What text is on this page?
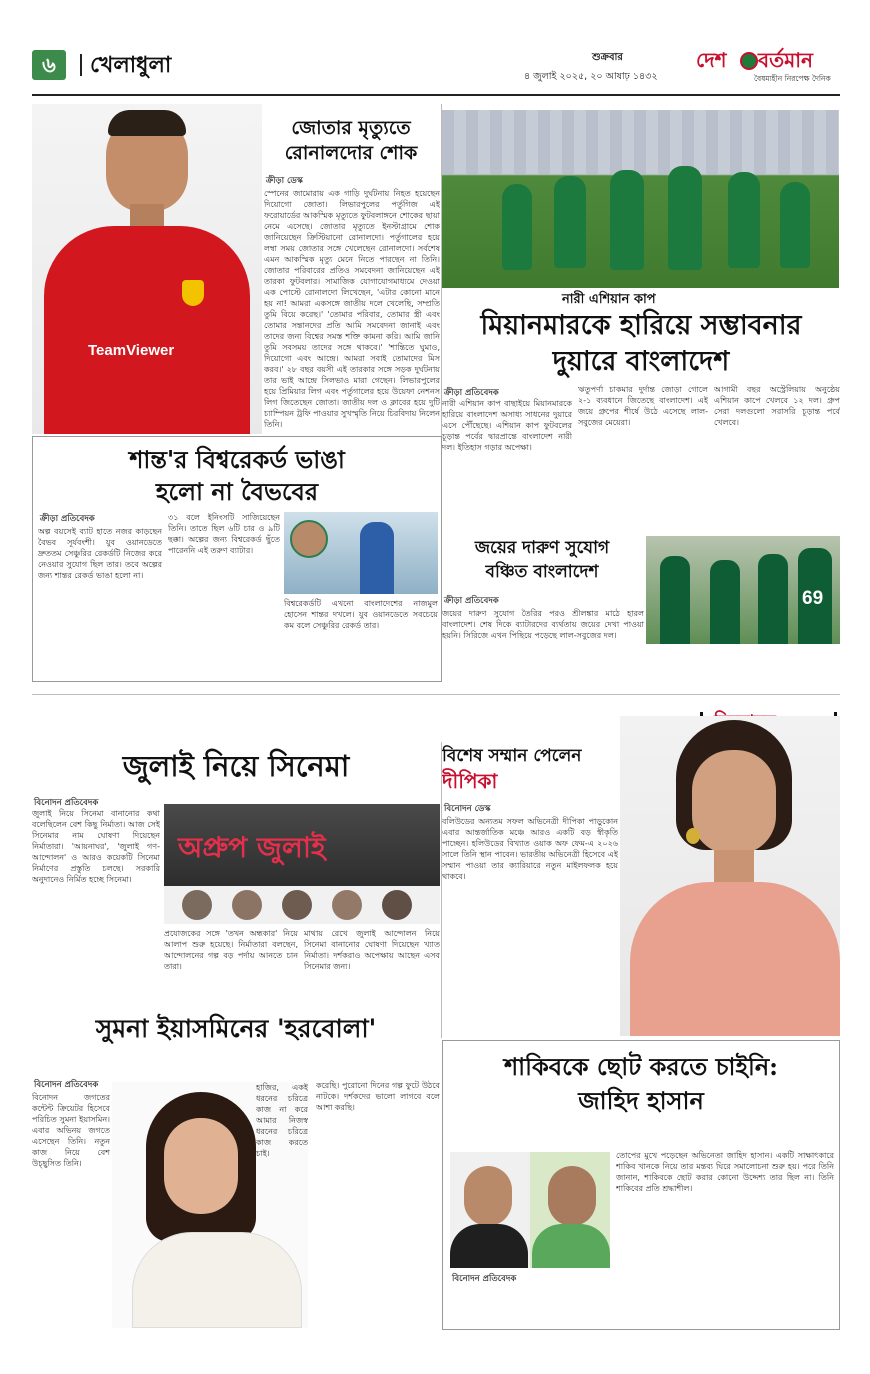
৬	খেলাধুলা	শুক্রবার
৪ জুলাই ২০২৫, ২০ আষাঢ় ১৪৩২
দেশ বর্তমান
বৈষম্যহীন নিরপেক্ষ দৈনিক
TeamViewer
জোতার মৃত্যুতে
রোনালদোর শোক
ক্রীড়া ডেস্ক
স্পেনের জামোরায় এক গাড়ি দুর্ঘটনায় নিহত হয়েছেন দিয়োগো জোতা। লিভারপুলের পর্তুগিজ এই ফরোয়ার্ডের আকস্মিক মৃত্যুতে ফুটবলাঙ্গনে শোকের ছায়া নেমে এসেছে। জোতার মৃত্যুতে ইনস্টাগ্রামে শোক জানিয়েছেন ক্রিস্টিয়ানো রোনালদো। পর্তুগালের হয়ে লম্বা সময় জোতার সঙ্গে খেলেছেন রোনালদো। সর্বশেষ এমন আকস্মিক মৃত্যু মেনে নিতে পারছেন না তিনি। জোতার পরিবারের প্রতিও সমবেদনা জানিয়েছেন এই তারকা ফুটবলার। সামাজিক যোগাযোগমাধ্যমে দেওয়া এক পোস্টে রোনালদো লিখেছেন, 'এটার কোনো মানে হয় না! আমরা একসঙ্গে জাতীয় দলে খেলেছি, সম্প্রতি তুমি বিয়ে করেছ।' 'তোমার পরিবার, তোমার স্ত্রী এবং তোমার সন্তানদের প্রতি আমি সমবেদনা জানাই এবং তাদের জন্য বিশ্বের সমস্ত শক্তি কামনা করি। আমি জানি তুমি সবসময় তাদের সঙ্গে থাকবে।' 'শান্তিতে ঘুমাও, দিয়োগো এবং আন্দ্রে। আমরা সবাই তোমাদের মিস করব।' ২৮ বছর বয়সী এই তারকার সঙ্গে সড়ক দুর্ঘটনায় তার ভাই আন্দ্রে সিলভাও মারা গেছেন। লিভারপুলের হয়ে প্রিমিয়ার লিগ এবং পর্তুগালের হয়ে উয়েফা নেশনস লিগ জিতেছেন জোতা। জাতীয় দল ও ক্লাবের হয়ে দুটি চ্যাম্পিয়ন ট্রফি পাওয়ার সুখস্মৃতি নিয়ে চিরবিদায় নিলেন তিনি।
নারী এশিয়ান কাপ
মিয়ানমারকে হারিয়ে সম্ভাবনার
দুয়ারে বাংলাদেশ
ক্রীড়া প্রতিবেদক
নারী এশিয়ান কাপ বাছাইয়ে মিয়ানমারকে হারিয়ে বাংলাদেশ অসাধ্য সাধনের দুয়ারে এসে পৌঁছেছে। এশিয়ান কাপ ফুটবলের চূড়ান্ত পর্বের দ্বারপ্রান্তে বাংলাদেশ নারী দল। ইতিহাস গড়ার অপেক্ষা।
ঋতুপর্ণা চাকমার দুর্দান্ত জোড়া গোলে ২-১ ব্যবধানে জিতেছে বাংলাদেশ। এই জয়ে গ্রুপের শীর্ষে উঠে এসেছে লাল-সবুজের মেয়েরা।
আগামী বছর অস্ট্রেলিয়ায় অনুষ্ঠেয় এশিয়ান কাপে খেলবে ১২ দল। গ্রুপ সেরা দলগুলো সরাসরি চূড়ান্ত পর্বে খেলবে।
জয়ের দারুণ সুযোগ
বঞ্চিত বাংলাদেশ
ক্রীড়া প্রতিবেদক	69
জয়ের দারুণ সুযোগ তৈরির পরও শ্রীলঙ্কার মাঠে হারল বাংলাদেশ। শেষ দিকে ব্যাটারদের ব্যর্থতায় জয়ের দেখা পাওয়া হয়নি। সিরিজে এখন পিছিয়ে পড়েছে লাল-সবুজের দল।
শান্ত'র বিশ্বরেকর্ড ভাঙা
হলো না বৈভবের
ক্রীড়া প্রতিবেদক
অল্প বয়সেই ব্যাট হাতে নজর কাড়ছেন বৈভব সূর্যবংশী। যুব ওয়ানডেতে দ্রুততম সেঞ্চুরির রেকর্ডটি নিজের করে নেওয়ার সুযোগ ছিল তার। তবে অল্পের জন্য শান্তর রেকর্ড ভাঙা হলো না।
৩১ বলে ইনিংসটি সাজিয়েছেন তিনি। তাতে ছিল ৬টি চার ও ৯টি ছক্কা। অল্পের জন্য বিশ্বরেকর্ড ছুঁতে পারেননি এই তরুণ ব্যাটার।
বিশ্বরেকর্ডটি এখনো বাংলাদেশের নাজমুল হোসেন শান্তর দখলে। যুব ওয়ানডেতে সবচেয়ে কম বলে সেঞ্চুরির রেকর্ড তার।
জুলাই নিয়ে সিনেমা
বিনোদন প্রতিবেদক
জুলাই নিয়ে সিনেমা বানানোর কথা বলেছিলেন বেশ কিছু নির্মাতা। আজ সেই সিনেমার নাম ঘোষণা দিয়েছেন নির্মাতারা। 'আয়নাঘর', 'জুলাই গণ-আন্দোলন' ও আরও কয়েকটি সিনেমা নির্মাণের প্রস্তুতি চলছে। সরকারি অনুদানেও নির্মিত হচ্ছে সিনেমা।
অপ্রুপ জুলাই
প্রযোজকের সঙ্গে 'তখন অন্ধকার' নিয়ে আলাপ শুরু হয়েছে। নির্মাতারা বলছেন, আন্দোলনের গল্প বড় পর্দায় আনতে চান তারা।
মাথায় রেখে জুলাই আন্দোলন নিয়ে সিনেমা বানানোর ঘোষণা দিয়েছেন খ্যাত নির্মাতা। দর্শকরাও অপেক্ষায় আছেন এসব সিনেমার জন্য।
বিশেষ সম্মান পেলেন
দীপিকা
বিনোদন ডেস্ক
বলিউডের অন্যতম সফল অভিনেত্রী দীপিকা পাড়ুকোন এবার আন্তর্জাতিক মঞ্চে আরও একটি বড় স্বীকৃতি পাচ্ছেন। হলিউডের বিখ্যাত ওয়াক অফ ফেম-এ ২০২৬ সালে তিনি স্থান পাবেন। ভারতীয় অভিনেত্রী হিসেবে এই সম্মান পাওয়া তার ক্যারিয়ারে নতুন মাইলফলক হয়ে থাকবে।
সুমনা ইয়াসমিনের 'হরবোলা'
বিনোদন প্রতিবেদক
বিনোদন জগতের কন্টেন্ট ক্রিয়েটর হিসেবে পরিচিত সুমনা ইয়াসমিন। এবার অভিনয় জগতে এসেছেন তিনি। নতুন কাজ নিয়ে বেশ উচ্ছ্বসিত তিনি।
হাজির, একই ধরনের চরিত্রে কাজ না করে আমার নিজস্ব ধরনের চরিত্রে কাজ করতে চাই।
করেছি। পুরোনো দিনের গল্প ফুটে উঠবে নাটকে। দর্শকদের ভালো লাগবে বলে আশা করছি।
শাকিবকে ছোট করতে চাইনি:
জাহিদ হাসান
বিনোদন প্রতিবেদক
তোপের মুখে পড়েছেন অভিনেতা জাহিদ হাসান। একটি সাক্ষাৎকারে শাকিব খানকে নিয়ে তার মন্তব্য ঘিরে সমালোচনা শুরু হয়। পরে তিনি জানান, শাকিবকে ছোট করার কোনো উদ্দেশ্য তার ছিল না। তিনি শাকিবের প্রতি শ্রদ্ধাশীল।
